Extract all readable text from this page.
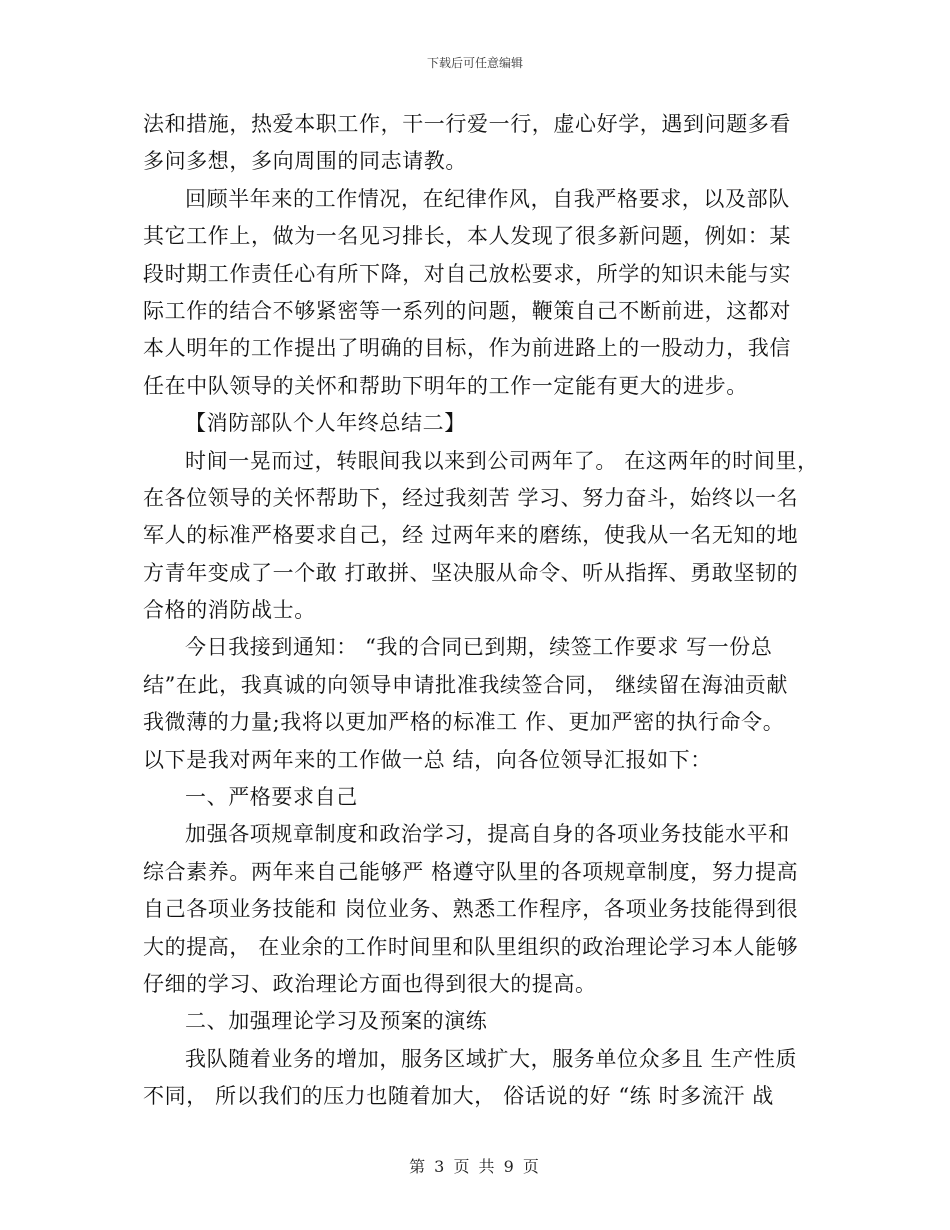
下载后可任意编辑
法和措施，热爱本职工作，干一行爱一行，虚心好学，遇到问题多看
多问多想，多向周围的同志请教。
回顾半年来的工作情况，在纪律作风，自我严格要求，以及部队
其它工作上，做为一名见习排长，本人发现了很多新问题，例如：某
段时期工作责任心有所下降，对自己放松要求，所学的知识未能与实
际工作的结合不够紧密等一系列的问题，鞭策自己不断前进，这都对
本人明年的工作提出了明确的目标，作为前进路上的一股动力，我信
任在中队领导的关怀和帮助下明年的工作一定能有更大的进步。
【消防部队个人年终总结二】
时间一晃而过，转眼间我以来到公司两年了。 在这两年的时间里，
在各位领导的关怀帮助下，经过我刻苦 学习、努力奋斗，始终以一名
军人的标准严格要求自己，经 过两年来的磨练，使我从一名无知的地
方青年变成了一个敢 打敢拼、坚决服从命令、听从指挥、勇敢坚韧的
合格的消防战士。
今日我接到通知： “我的合同已到期，续签工作要求 写一份总
结”在此，我真诚的向领导申请批准我续签合同， 继续留在海油贡献
我微薄的力量;我将以更加严格的标准工 作、更加严密的执行命令。
以下是我对两年来的工作做一总 结，向各位领导汇报如下：
一、严格要求自己
加强各项规章制度和政治学习，提高自身的各项业务技能水平和
综合素养。两年来自己能够严 格遵守队里的各项规章制度，努力提高
自己各项业务技能和 岗位业务、熟悉工作程序，各项业务技能得到很
大的提高， 在业余的工作时间里和队里组织的政治理论学习本人能够
仔细的学习、政治理论方面也得到很大的提高。
二、加强理论学习及预案的演练
我队随着业务的增加，服务区域扩大，服务单位众多且 生产性质
不同， 所以我们的压力也随着加大， 俗话说的好 “练 时多流汗 战
第 3 页 共 9 页
